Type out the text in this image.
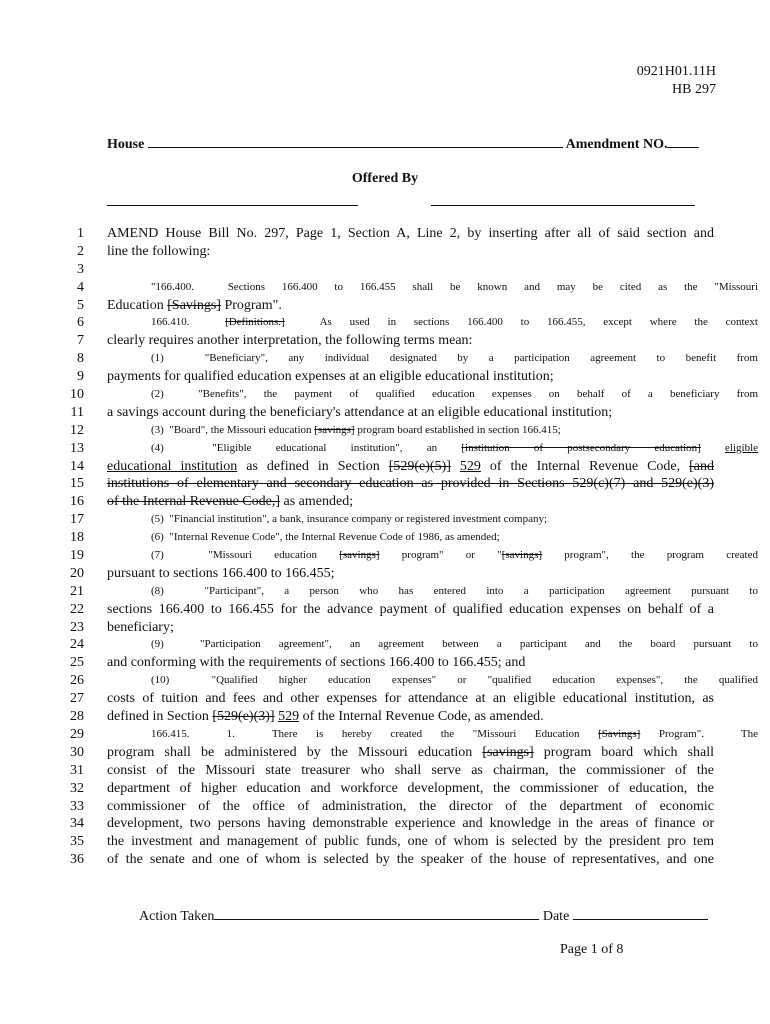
0921H01.11H
HB 297
House	Amendment NO.
Offered By
1 AMEND House Bill No. 297, Page 1, Section A, Line 2, by inserting after all of said section and
2 line the following:
3
4	"166.400.  Sections 166.400 to 166.455 shall be known and may be cited as the "Missouri
5 Education [Savings] Program".
6	166.410.  [Definitions.]  As used in sections 166.400 to 166.455, except where the context
7 clearly requires another interpretation, the following terms mean:
8	(1)  "Beneficiary", any individual designated by a participation agreement to benefit from
9 payments for qualified education expenses at an eligible educational institution;
10	(2)  "Benefits", the payment of qualified education expenses on behalf of a beneficiary from
11 a savings account during the beneficiary's attendance at an eligible educational institution;
12	(3)  "Board", the Missouri education [savings] program board established in section 166.415;
13	(4)  "Eligible educational institution", an [institution of postsecondary education] eligible
14 educational institution as defined in Section [529(e)(5)] 529 of the Internal Revenue Code, [and
15 institutions of elementary and secondary education as provided in Sections 529(c)(7) and 529(e)(3)
16 of the Internal Revenue Code,] as amended;
17	(5)  "Financial institution", a bank, insurance company or registered investment company;
18	(6)  "Internal Revenue Code", the Internal Revenue Code of 1986, as amended;
19	(7)  "Missouri education [savings] program" or "[savings] program", the program created
20 pursuant to sections 166.400 to 166.455;
21	(8)  "Participant", a person who has entered into a participation agreement pursuant to
22 sections 166.400 to 166.455 for the advance payment of qualified education expenses on behalf of a
23 beneficiary;
24	(9)  "Participation agreement", an agreement between a participant and the board pursuant to
25 and conforming with the requirements of sections 166.400 to 166.455; and
26	(10)  "Qualified higher education expenses" or "qualified education expenses", the qualified
27 costs of tuition and fees and other expenses for attendance at an eligible educational institution, as
28 defined in Section [529(e)(3)] 529 of the Internal Revenue Code, as amended.
29	166.415.  1.  There is hereby created the "Missouri Education [Savings] Program".  The
30 program shall be administered by the Missouri education [savings] program board which shall
31 consist of the Missouri state treasurer who shall serve as chairman, the commissioner of the
32 department of higher education and workforce development, the commissioner of education, the
33 commissioner of the office of administration, the director of the department of economic
34 development, two persons having demonstrable experience and knowledge in the areas of finance or
35 the investment and management of public funds, one of whom is selected by the president pro tem
36 of the senate and one of whom is selected by the speaker of the house of representatives, and one
Action Taken	Date
Page 1 of 8
